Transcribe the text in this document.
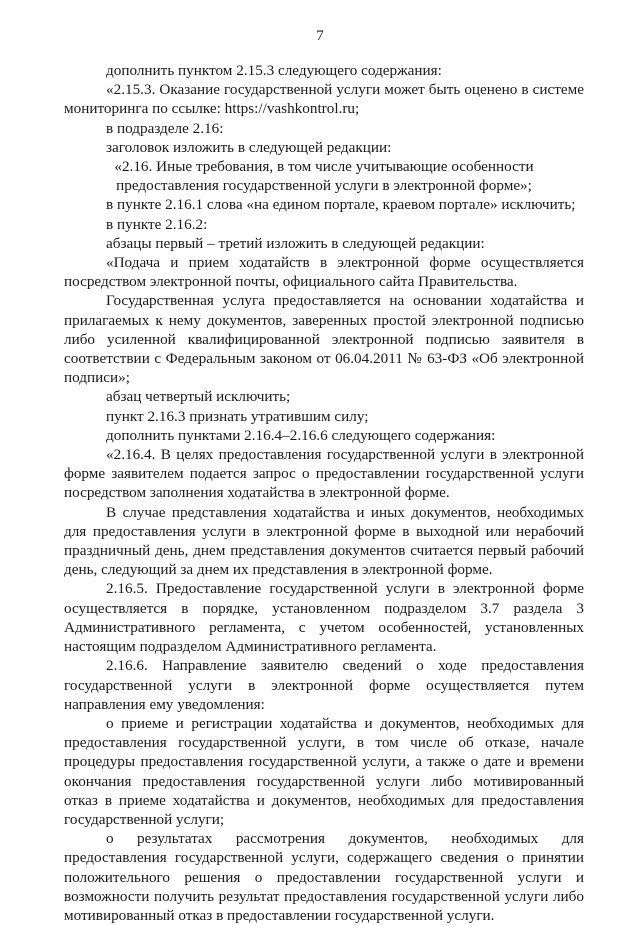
7

дополнить пунктом 2.15.3 следующего содержания:

«2.15.3. Оказание государственной услуги может быть оценено в системе мониторинга по ссылке: https://vashkontrol.ru;

в подразделе 2.16:

заголовок изложить в следующей редакции:

«2.16. Иные требования, в том числе учитывающие особенности предоставления государственной услуги в электронной форме»;

в пункте 2.16.1 слова «на едином портале, краевом портале» исключить;

в пункте 2.16.2:

абзацы первый – третий изложить в следующей редакции:

«Подача и прием ходатайств в электронной форме осуществляется посредством электронной почты, официального сайта Правительства.

Государственная услуга предоставляется на основании ходатайства и прилагаемых к нему документов, заверенных простой электронной подписью либо усиленной квалифицированной электронной подписью заявителя в соответствии с Федеральным законом от 06.04.2011 № 63-ФЗ «Об электронной подписи»;

абзац четвертый исключить;

пункт 2.16.3 признать утратившим силу;

дополнить пунктами 2.16.4–2.16.6 следующего содержания:

«2.16.4. В целях предоставления государственной услуги в электронной форме заявителем подается запрос о предоставлении государственной услуги посредством заполнения ходатайства в электронной форме.

В случае представления ходатайства и иных документов, необходимых для предоставления услуги в электронной форме в выходной или нерабочий праздничный день, днем представления документов считается первый рабочий день, следующий за днем их представления в электронной форме.

2.16.5. Предоставление государственной услуги в электронной форме осуществляется в порядке, установленном подразделом 3.7 раздела 3 Административного регламента, с учетом особенностей, установленных настоящим подразделом Административного регламента.

2.16.6. Направление заявителю сведений о ходе предоставления государственной услуги в электронной форме осуществляется путем направления ему уведомления:

о приеме и регистрации ходатайства и документов, необходимых для предоставления государственной услуги, в том числе об отказе, начале процедуры предоставления государственной услуги, а также о дате и времени окончания предоставления государственной услуги либо мотивированный отказ в приеме ходатайства и документов, необходимых для предоставления государственной услуги;

о результатах рассмотрения документов, необходимых для предоставления государственной услуги, содержащего сведения о принятии положительного решения о предоставлении государственной услуги и возможности получить результат предоставления государственной услуги либо мотивированный отказ в предоставлении государственной услуги.
